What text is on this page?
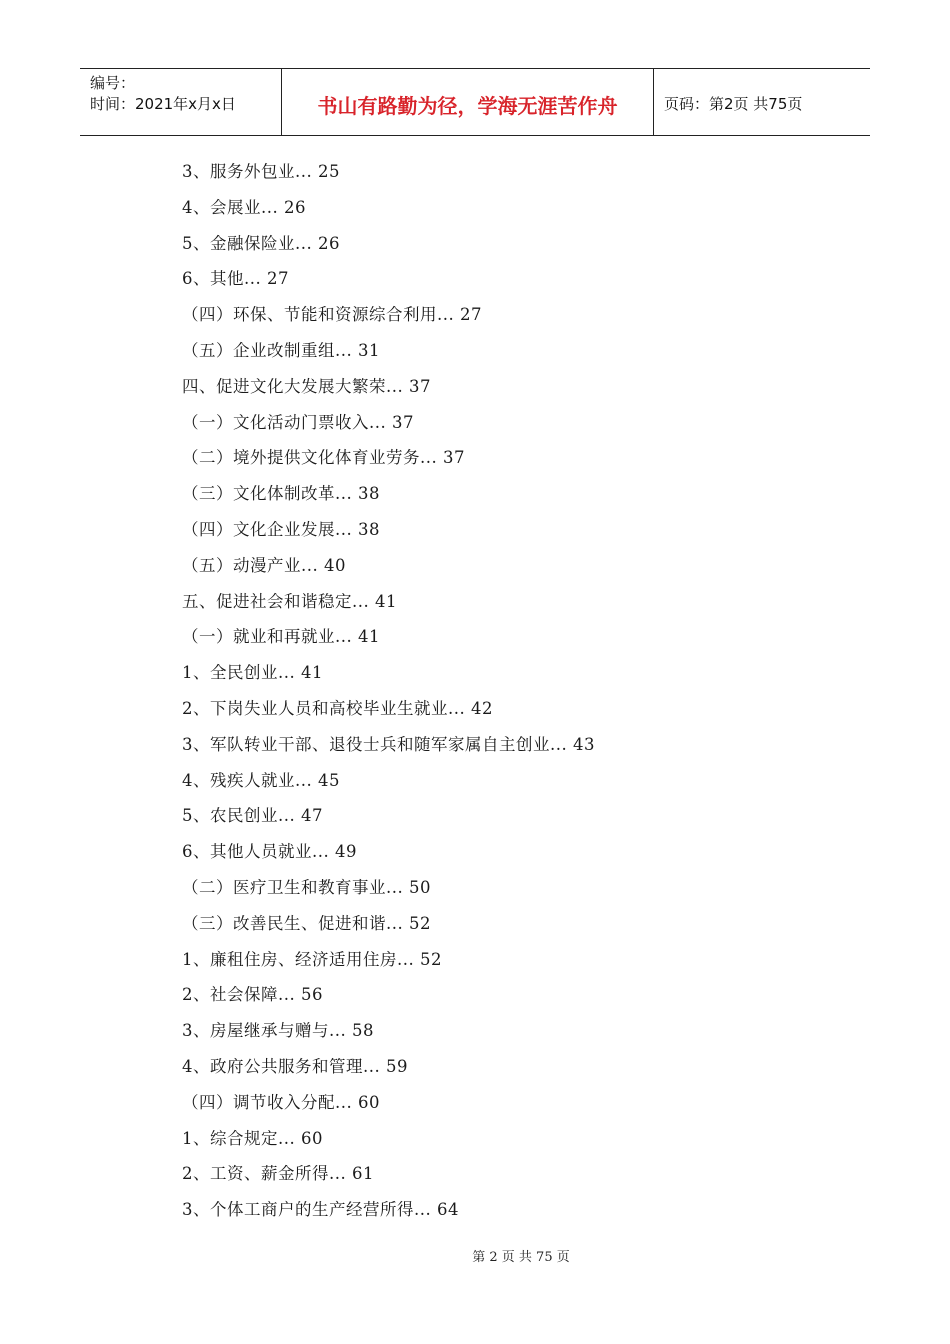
编号：
时间：2021年x月x日	书山有路勤为径，学海无涯苦作舟	页码：第2页 共75页
3、服务外包业... 25
4、会展业... 26
5、金融保险业... 26
6、其他... 27
（四）环保、节能和资源综合利用... 27
（五）企业改制重组... 31
四、促进文化大发展大繁荣... 37
（一）文化活动门票收入... 37
（二）境外提供文化体育业劳务... 37
（三）文化体制改革... 38
（四）文化企业发展... 38
（五）动漫产业... 40
五、促进社会和谐稳定... 41
（一）就业和再就业... 41
1、全民创业... 41
2、下岗失业人员和高校毕业生就业... 42
3、军队转业干部、退役士兵和随军家属自主创业... 43
4、残疾人就业... 45
5、农民创业... 47
6、其他人员就业... 49
（二）医疗卫生和教育事业... 50
（三）改善民生、促进和谐... 52
1、廉租住房、经济适用住房... 52
2、社会保障... 56
3、房屋继承与赠与... 58
4、政府公共服务和管理... 59
（四）调节收入分配... 60
1、综合规定... 60
2、工资、薪金所得... 61
3、个体工商户的生产经营所得... 64
第 2 页 共 75 页
